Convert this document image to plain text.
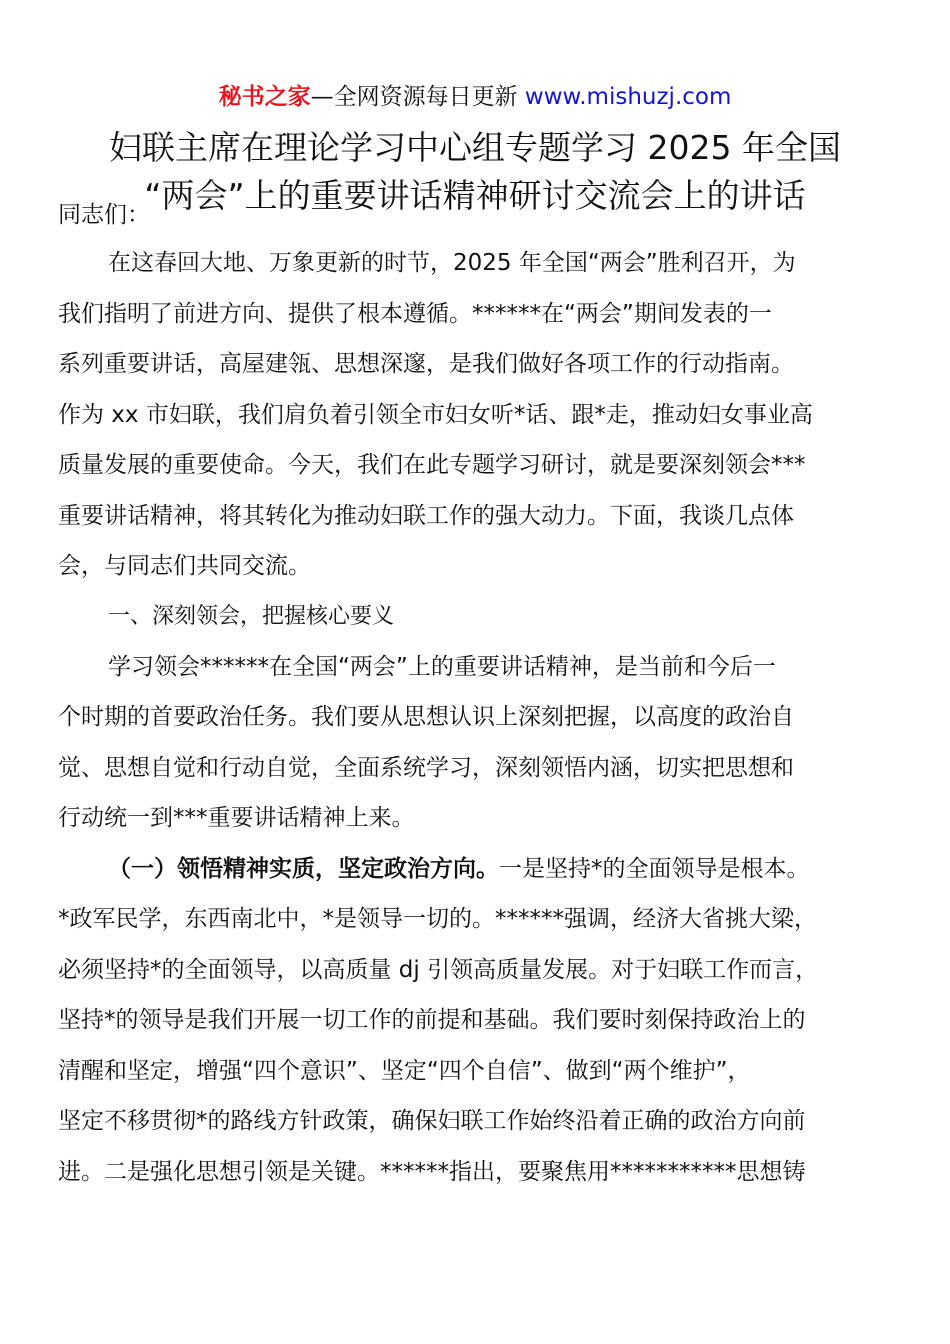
秘书之家—全网资源每日更新 www.mishuzj.com
妇联主席在理论学习中心组专题学习 2025 年全国
“两会”上的重要讲话精神研讨交流会上的讲话

同志们：

在这春回大地、万象更新的时节，2025 年全国“两会”胜利召开，为
我们指明了前进方向、提供了根本遵循。******在“两会”期间发表的一
系列重要讲话，高屋建瓴、思想深邃，是我们做好各项工作的行动指南。
作为 xx 市妇联，我们肩负着引领全市妇女听*话、跟*走，推动妇女事业高
质量发展的重要使命。今天，我们在此专题学习研讨，就是要深刻领会***
重要讲话精神，将其转化为推动妇联工作的强大动力。下面，我谈几点体
会，与同志们共同交流。

一、深刻领会，把握核心要义

学习领会******在全国“两会”上的重要讲话精神，是当前和今后一
个时期的首要政治任务。我们要从思想认识上深刻把握，以高度的政治自
觉、思想自觉和行动自觉，全面系统学习，深刻领悟内涵，切实把思想和
行动统一到***重要讲话精神上来。

（一）领悟精神实质，坚定政治方向。一是坚持*的全面领导是根本。
*政军民学，东西南北中，*是领导一切的。******强调，经济大省挑大梁，
必须坚持*的全面领导，以高质量 dj 引领高质量发展。对于妇联工作而言，
坚持*的领导是我们开展一切工作的前提和基础。我们要时刻保持政治上的
清醒和坚定，增强“四个意识”、坚定“四个自信”、做到“两个维护”，
坚定不移贯彻*的路线方针政策，确保妇联工作始终沿着正确的政治方向前
进。二是强化思想引领是关键。******指出，要聚焦用***********思想铸
